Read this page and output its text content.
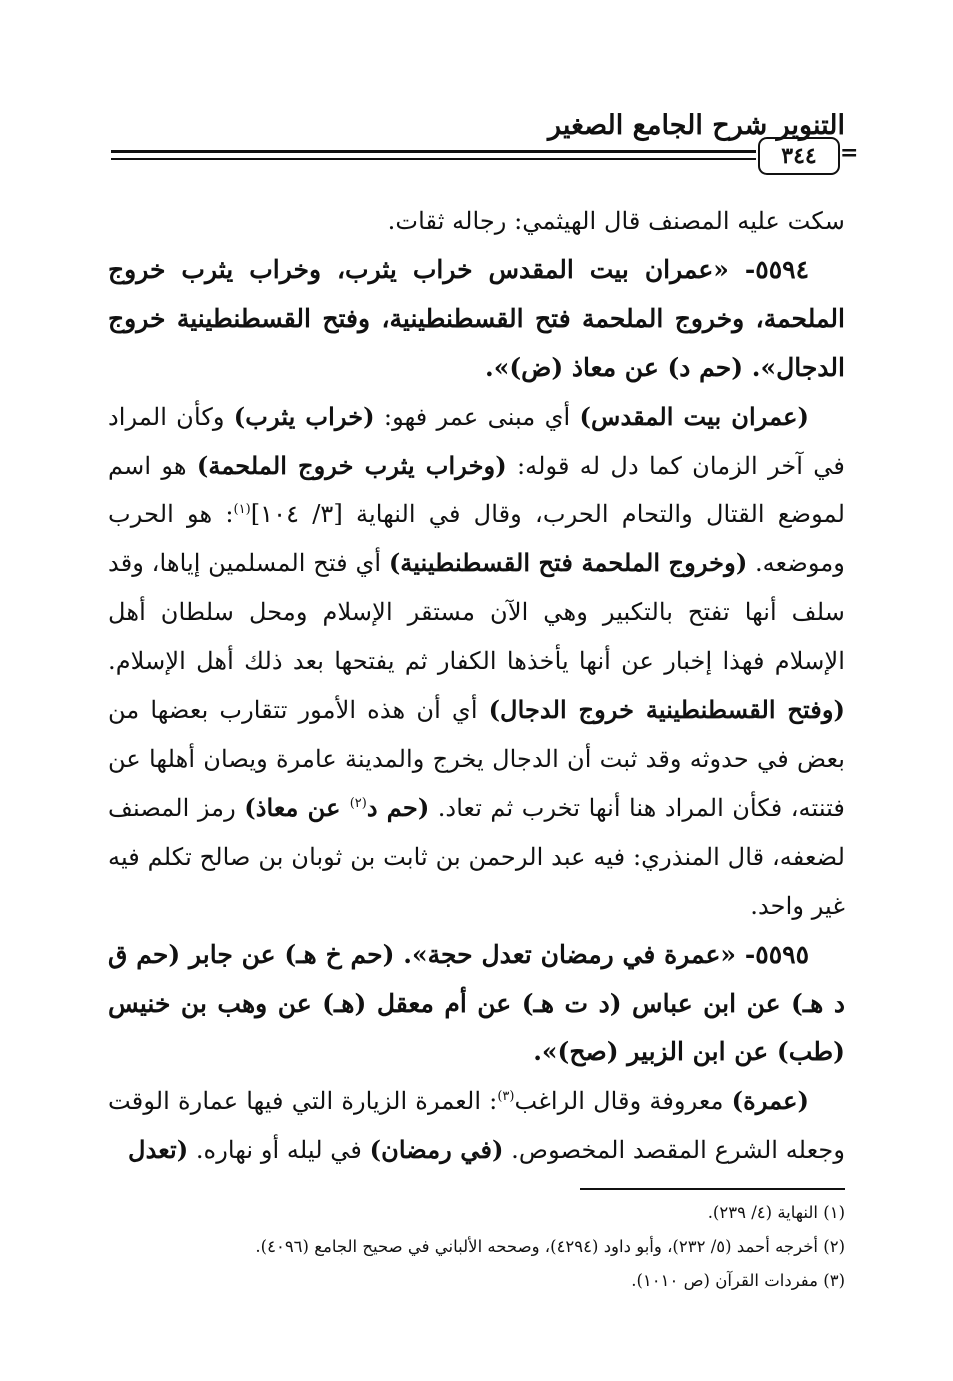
التنوير شرح الجامع الصغير
٣٤٤ =

سكت عليه المصنف قال الهيثمي: رجاله ثقات.

٥٥٩٤- «عمران بيت المقدس خراب يثرب، وخراب يثرب خروج الملحمة، وخروج الملحمة فتح القسطنطينية، وفتح القسطنطينية خروج الدجال». (حم د) عن معاذ (ض)».

(عمران بيت المقدس) أي مبنى عمر فهو: (خراب يثرب) وكأن المراد في آخر الزمان كما دل له قوله: (وخراب يثرب خروج الملحمة) هو اسم لموضع القتال والتحام الحرب، وقال في النهاية [٣/ ١٠٤]$^{(١)}$: هو الحرب وموضعه. (وخروج الملحمة فتح القسطنطينية) أي فتح المسلمين إياها، وقد سلف أنها تفتح بالتكبير وهي الآن مستقر الإسلام ومحل سلطان أهل الإسلام فهذا إخبار عن أنها يأخذها الكفار ثم يفتحها بعد ذلك أهل الإسلام. (وفتح القسطنطينية خروج الدجال) أي أن هذه الأمور تتقارب بعضها من بعض في حدوثه وقد ثبت أن الدجال يخرج والمدينة عامرة ويصان أهلها عن فتنته، فكأن المراد هنا أنها تخرب ثم تعاد. (حم د$^{(٢)}$ عن معاذ) رمز المصنف لضعفه، قال المنذري: فيه عبد الرحمن بن ثابت بن ثوبان بن صالح تكلم فيه غير واحد.

٥٥٩٥- «عمرة في رمضان تعدل حجة». (حم خ هـ) عن جابر (حم ق د هـ) عن ابن عباس (د ت هـ) عن أم معقل (هـ) عن وهب بن خنيس (طب) عن ابن الزبير (صح)».

(عمرة) معروفة وقال الراغب$^{(٣)}$: العمرة الزيارة التي فيها عمارة الوقت وجعله الشرع المقصد المخصوص. (في رمضان) في ليله أو نهاره. (تعدل

(١) النهاية (٤/ ٢٣٩).
(٢) أخرجه أحمد (٥/ ٢٣٢)، وأبو داود (٤٢٩٤)، وصححه الألباني في صحيح الجامع (٤٠٩٦).
(٣) مفردات القرآن (ص ١٠١٠).
